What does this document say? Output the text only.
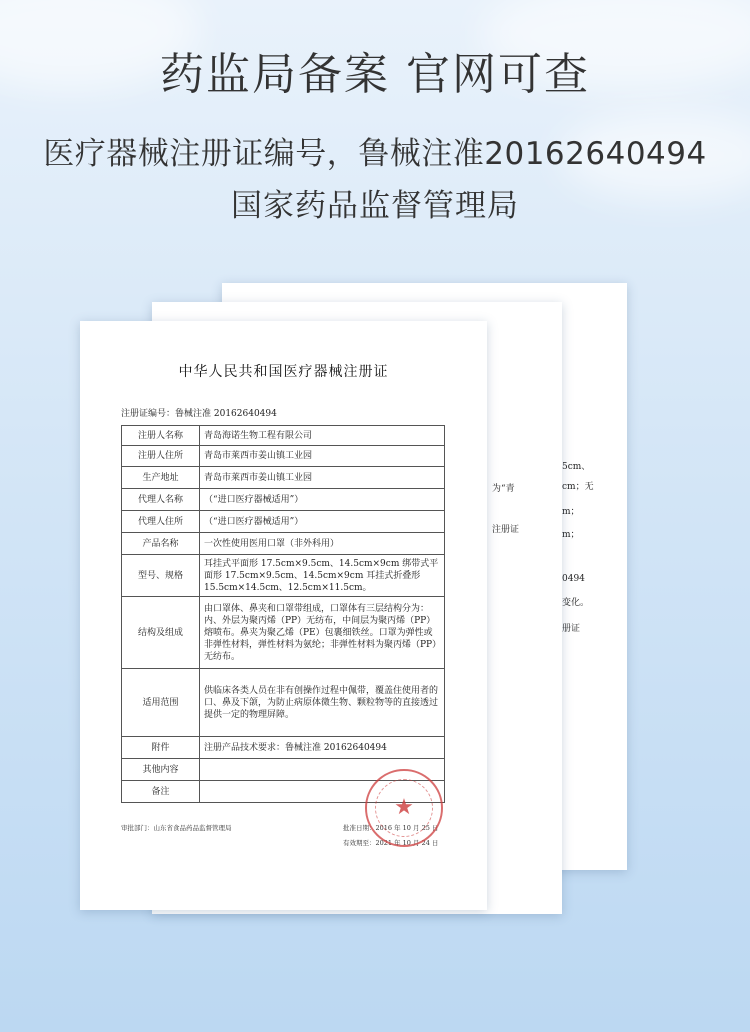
药监局备案 官网可查
医疗器械注册证编号，鲁械注准20162640494
国家药品监督管理局
5cm、
cm；无
m；
m；
0494
变化。
册证
为“青
注册证
中华人民共和国医疗器械注册证
注册证编号：鲁械注准 20162640494
注册人名称	青岛海诺生物工程有限公司
注册人住所	青岛市莱西市姜山镇工业园
生产地址	青岛市莱西市姜山镇工业园
代理人名称	（“进口医疗器械适用”）
代理人住所	（“进口医疗器械适用”）
产品名称	一次性使用医用口罩（非外科用）
型号、规格	耳挂式平面形 17.5cm×9.5cm、14.5cm×9cm 绑带式平面形 17.5cm×9.5cm、14.5cm×9cm 耳挂式折叠形 15.5cm×14.5cm、12.5cm×11.5cm。
结构及组成	由口罩体、鼻夹和口罩带组成，口罩体有三层结构分为：内、外层为聚丙烯（PP）无纺布，中间层为聚丙烯（PP）熔喷布。鼻夹为聚乙烯（PE）包裹细铁丝。口罩为弹性或非弹性材料，弹性材料为氨纶；非弹性材料为聚丙烯（PP）无纺布。
适用范围	供临床各类人员在非有创操作过程中佩带，覆盖住使用者的口、鼻及下颌，为防止病原体微生物、颗粒物等的直接透过提供一定的物理屏障。
附件	注册产品技术要求：鲁械注准 20162640494
其他内容	
备注	
审批部门：山东省食品药品监督管理局	批准日期：2016 年 10 月 25 日
有效期至：2021 年 10 月 24 日
★
